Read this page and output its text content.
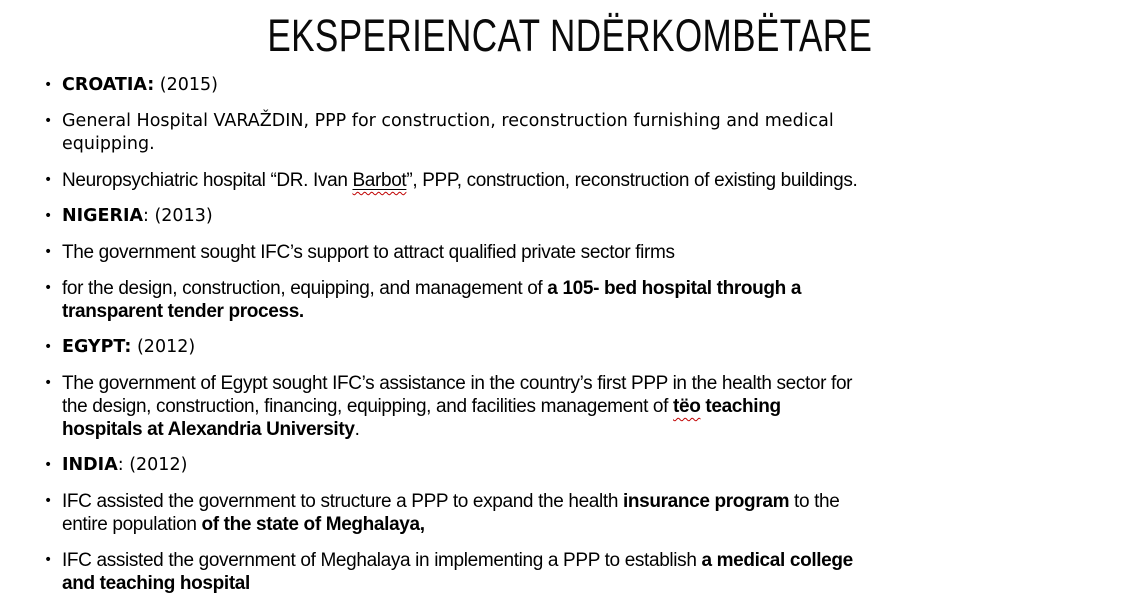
EKSPERIENCAT NDËRKOMBËTARE
• CROATIA: (2015)
• General Hospital VARAŽDIN, PPP for construction, reconstruction furnishing and medical
equipping.
• Neuropsychiatric hospital “DR. Ivan Barbot”, PPP, construction, reconstruction of existing buildings.
• NIGERIA: (2013)
• The government sought IFC’s support to attract qualified private sector firms
• for the design, construction, equipping, and management of a 105- bed hospital through a
transparent tender process.
• EGYPT: (2012)
• The government of Egypt sought IFC’s assistance in the country’s first PPP in the health sector for
the design, construction, financing, equipping, and facilities management of tëo teaching
hospitals at Alexandria University.
• INDIA: (2012)
• IFC assisted the government to structure a PPP to expand the health insurance program to the
entire population of the state of Meghalaya,
• IFC assisted the government of Meghalaya in implementing a PPP to establish a medical college
and teaching hospital
